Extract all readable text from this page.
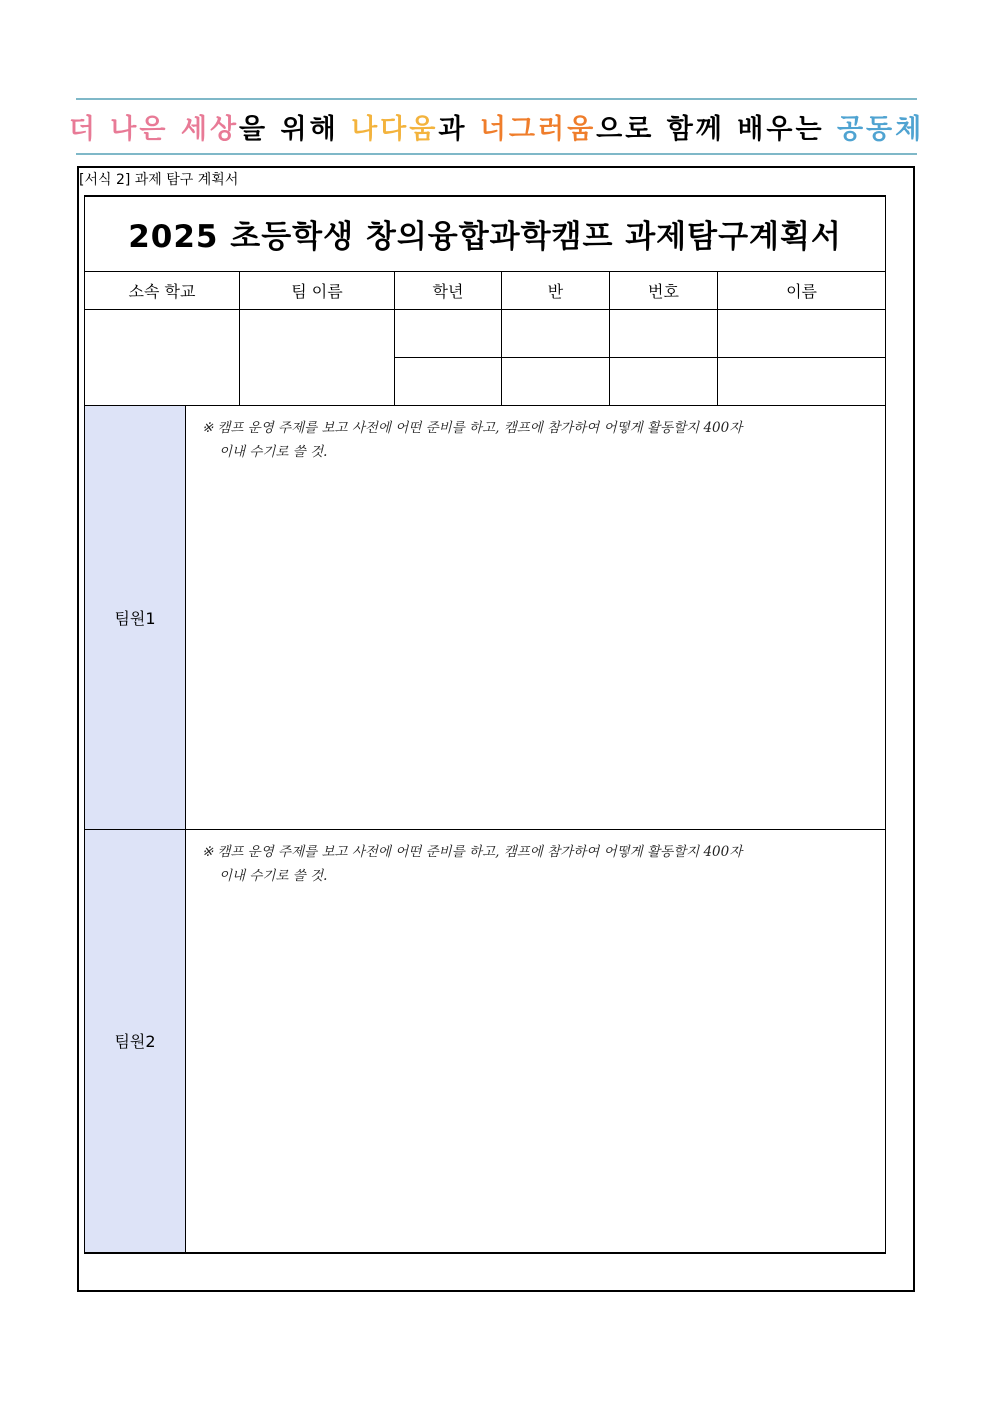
더 나은 세상을 위해 나다움과 너그러움으로 함께 배우는 공동체
[서식 2] 과제 탐구 계획서
2025 초등학생 창의융합과학캠프 과제탐구계획서						
소속 학교		팀 이름	학년	반	번호	이름

팀원1	※ 캠프 운영 주제를 보고 사전에 어떤 준비를 하고, 캠프에 참가하여 어떻게 활동할지 400자
이내 수기로 쓸 것.					

팀원2	※ 캠프 운영 주제를 보고 사전에 어떤 준비를 하고, 캠프에 참가하여 어떻게 활동할지 400자
이내 수기로 쓸 것.					
